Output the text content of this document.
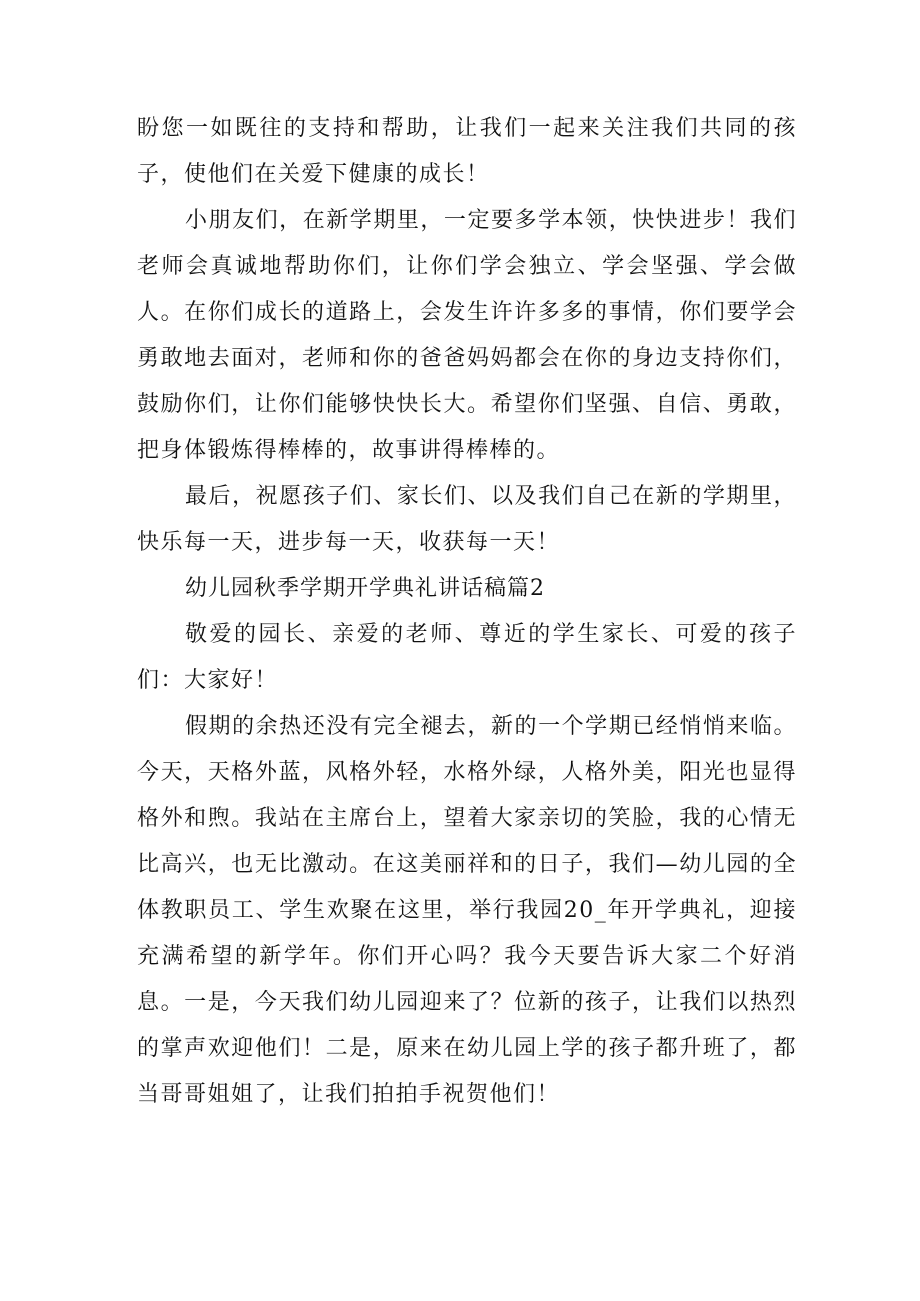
盼您一如既往的支持和帮助，让我们一起来关注我们共同的孩子，使他们在关爱下健康的成长！

小朋友们，在新学期里，一定要多学本领，快快进步！我们老师会真诚地帮助你们，让你们学会独立、学会坚强、学会做人。在你们成长的道路上，会发生许许多多的事情，你们要学会勇敢地去面对，老师和你的爸爸妈妈都会在你的身边支持你们，鼓励你们，让你们能够快快长大。希望你们坚强、自信、勇敢，把身体锻炼得棒棒的，故事讲得棒棒的。

最后，祝愿孩子们、家长们、以及我们自己在新的学期里，快乐每一天，进步每一天，收获每一天！

幼儿园秋季学期开学典礼讲话稿篇2

敬爱的园长、亲爱的老师、尊近的学生家长、可爱的孩子们：大家好！

假期的余热还没有完全褪去，新的一个学期已经悄悄来临。今天，天格外蓝，风格外轻，水格外绿，人格外美，阳光也显得格外和煦。我站在主席台上，望着大家亲切的笑脸，我的心情无比高兴，也无比激动。在这美丽祥和的日子，我们—幼儿园的全体教职员工、学生欢聚在这里，举行我园20_年开学典礼，迎接充满希望的新学年。你们开心吗？我今天要告诉大家二个好消息。一是，今天我们幼儿园迎来了？位新的孩子，让我们以热烈的掌声欢迎他们！二是，原来在幼儿园上学的孩子都升班了，都当哥哥姐姐了，让我们拍拍手祝贺他们！
